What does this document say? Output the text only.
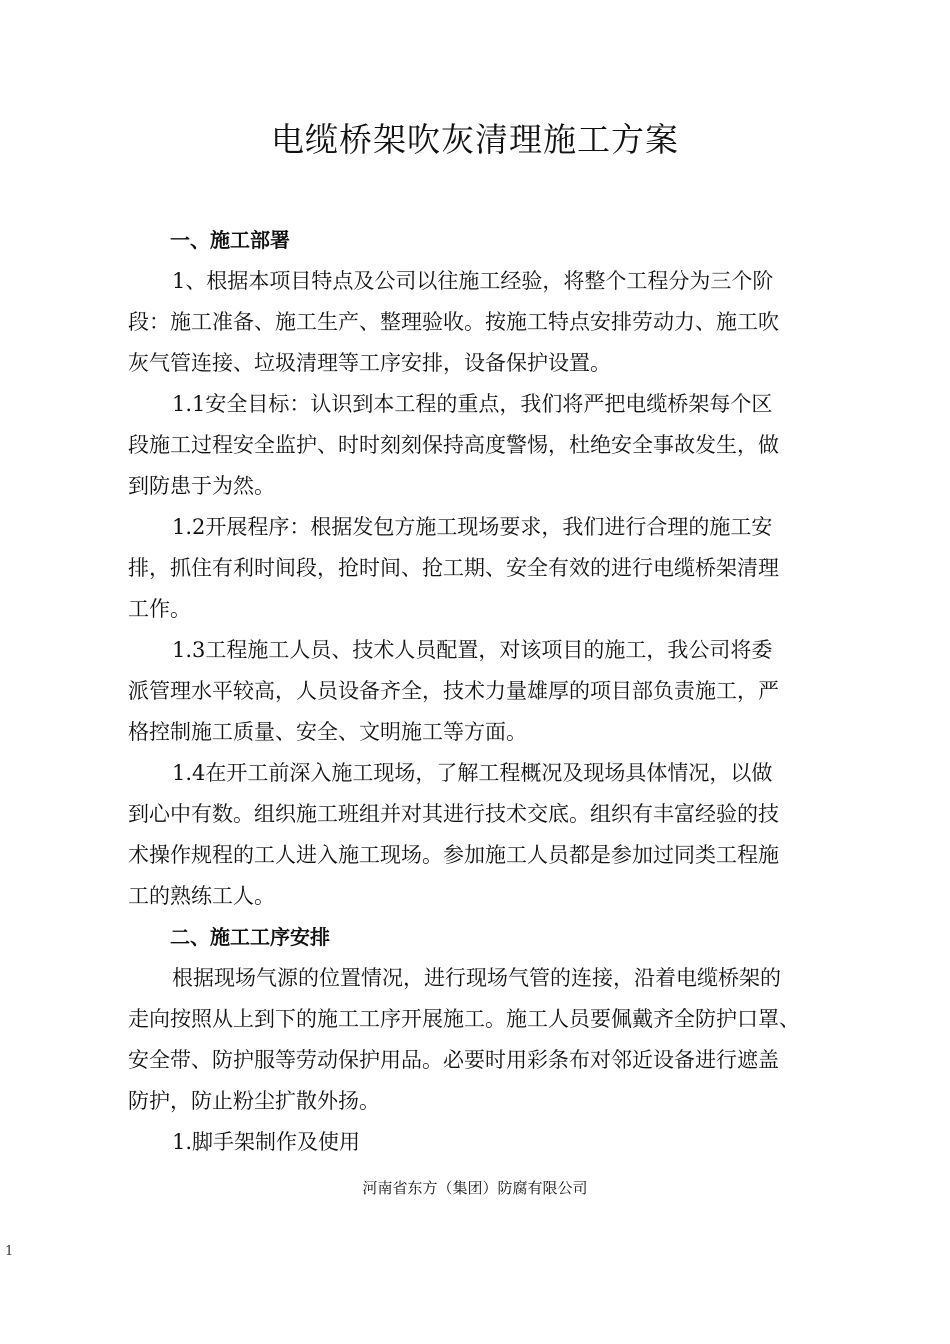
电缆桥架吹灰清理施工方案
一、施工部署
1、根据本项目特点及公司以往施工经验，将整个工程分为三个阶
段：施工准备、施工生产、整理验收。按施工特点安排劳动力、施工吹
灰气管连接、垃圾清理等工序安排，设备保护设置。
1.1安全目标：认识到本工程的重点，我们将严把电缆桥架每个区
段施工过程安全监护、时时刻刻保持高度警惕，杜绝安全事故发生，做
到防患于为然。
1.2开展程序：根据发包方施工现场要求，我们进行合理的施工安
排，抓住有利时间段，抢时间、抢工期、安全有效的进行电缆桥架清理
工作。
1.3工程施工人员、技术人员配置，对该项目的施工，我公司将委
派管理水平较高，人员设备齐全，技术力量雄厚的项目部负责施工，严
格控制施工质量、安全、文明施工等方面。
1.4在开工前深入施工现场，了解工程概况及现场具体情况，以做
到心中有数。组织施工班组并对其进行技术交底。组织有丰富经验的技
术操作规程的工人进入施工现场。参加施工人员都是参加过同类工程施
工的熟练工人。
二、施工工序安排
根据现场气源的位置情况，进行现场气管的连接，沿着电缆桥架的
走向按照从上到下的施工工序开展施工。施工人员要佩戴齐全防护口罩、
安全带、防护服等劳动保护用品。必要时用彩条布对邻近设备进行遮盖
防护，防止粉尘扩散外扬。
1.脚手架制作及使用
河南省东方（集团）防腐有限公司
1
